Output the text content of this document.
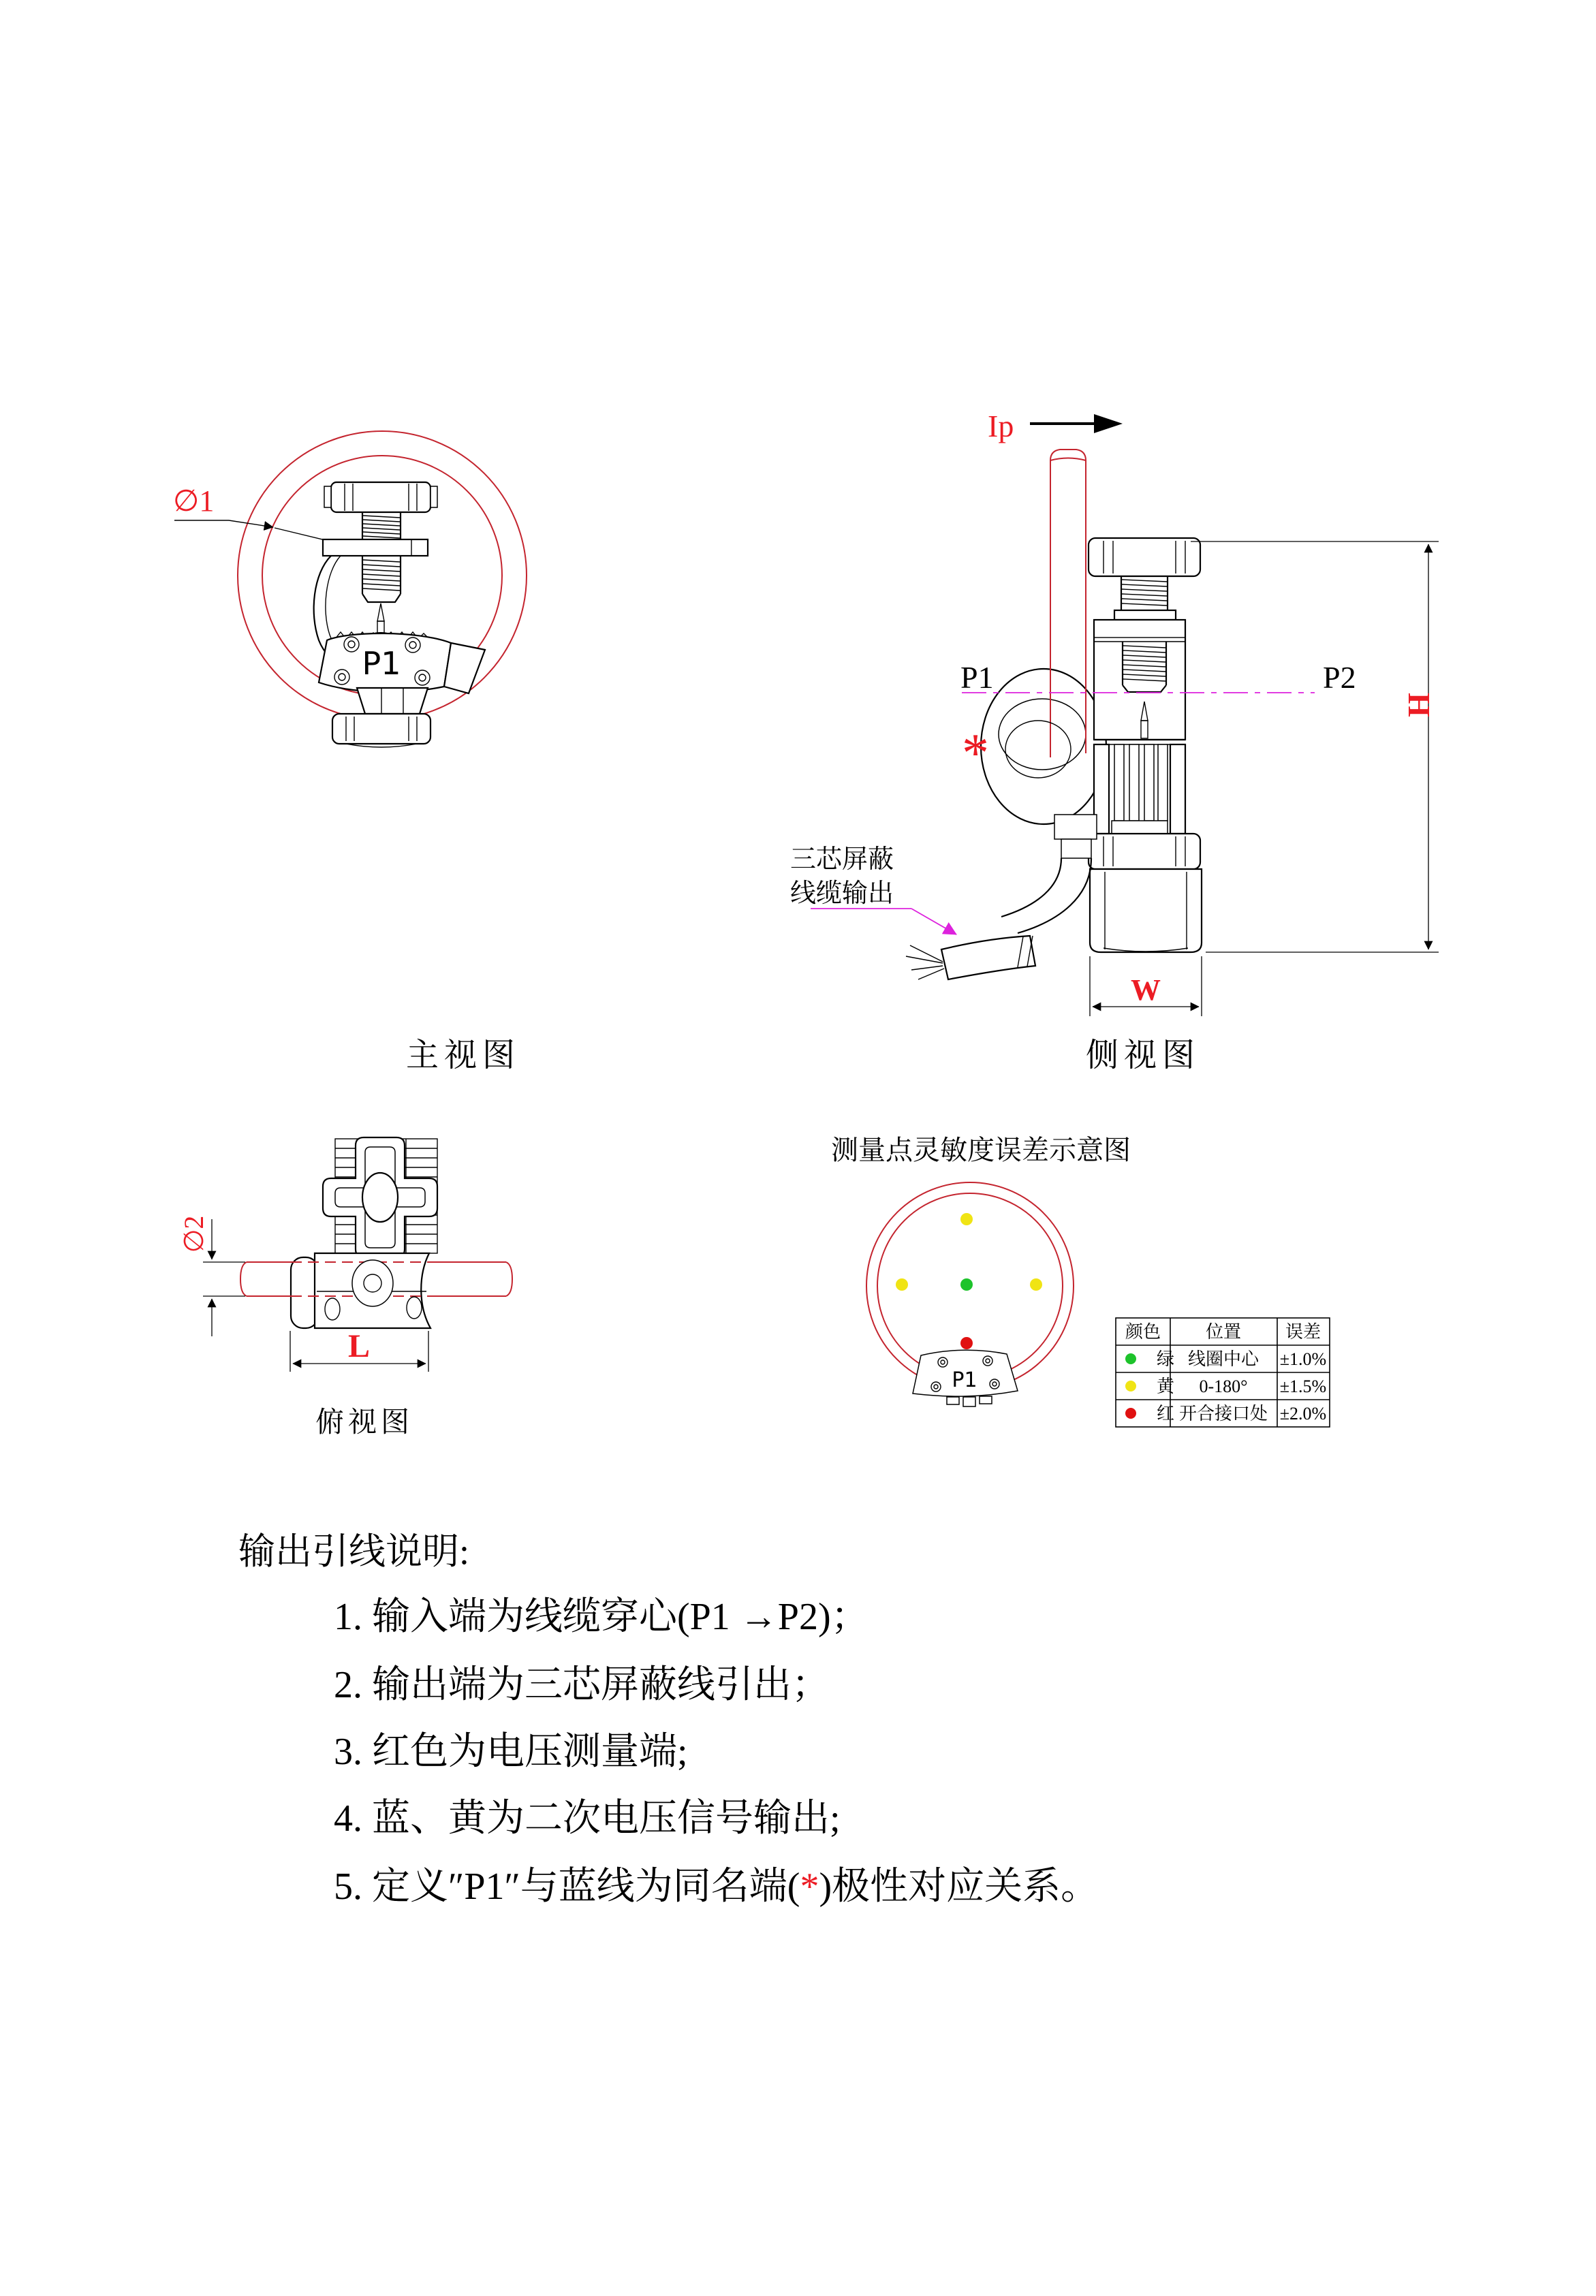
∅1
P1
主视图
Ip
三芯屏蔽
线缆输出
P1	P2
*
H
W
侧视图
∅2
L
俯视图
测量点灵敏度误差示意图
P1
颜色	位置 误差
绿 线圈中心 ±1.0%
黄 0-180° ±1.5%
红 开合接口处 ±2.0%
输出引线说明:
1. 输入端为线缆穿心(P1 →P2)；
2. 输出端为三芯屏蔽线引出；
3. 红色为电压测量端;
4. 蓝、黄为二次电压信号输出;
5. 定义″P1″与蓝线为同名端(*)极性对应关系。
